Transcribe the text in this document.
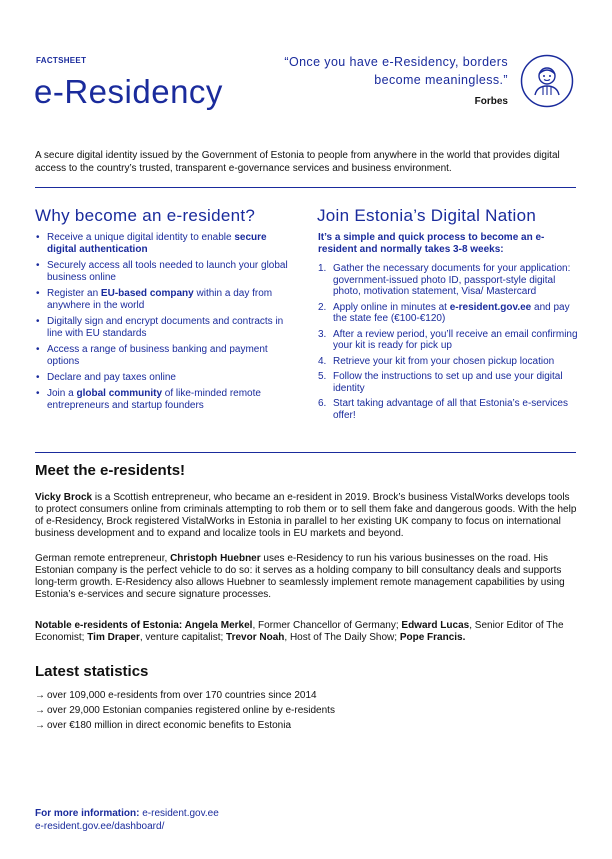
FACTSHEET
e-Residency
“Once you have e-Residency, borders become meaningless.”
Forbes
A secure digital identity issued by the Government of Estonia to people from anywhere in the world that provides digital access to the country’s trusted, transparent e-governance services and business environment.
Why become an e-resident?
• Receive a unique digital identity to enable secure digital authentication
• Securely access all tools needed to launch your global business online
• Register an EU-based company within a day from anywhere in the world
• Digitally sign and encrypt documents and contracts in line with EU standards
• Access a range of business banking and payment options
• Declare and pay taxes online
• Join a global community of like-minded remote entrepreneurs and startup founders
Join Estonia’s Digital Nation
It’s a simple and quick process to become an e-resident and normally takes 3-8 weeks:
1. Gather the necessary documents for your application: government-issued photo ID, passport-style digital photo, motivation statement, Visa/ Mastercard
2. Apply online in minutes at e-resident.gov.ee and pay the state fee (€100-€120)
3. After a review period, you’ll receive an email confirming your kit is ready for pick up
4. Retrieve your kit from your chosen pickup location
5. Follow the instructions to set up and use your digital identity
6. Start taking advantage of all that Estonia’s e-services offer!
Meet the e-residents!
Vicky Brock is a Scottish entrepreneur, who became an e-resident in 2019. Brock’s business VistalWorks develops tools to protect consumers online from criminals attempting to rob them or to sell them fake and dangerous goods. With the help of e-Residency, Brock registered VistalWorks in Estonia in parallel to her existing UK company to focus on international business development and to expand and localize tools in EU markets and beyond.
German remote entrepreneur, Christoph Huebner uses e-Residency to run his various businesses on the road. His Estonian company is the perfect vehicle to do so: it serves as a holding company to bill consultancy deals and supports long-term growth. E-Residency also allows Huebner to seamlessly implement remote management capabilities by using Estonia’s e-services and secure signature processes.
Notable e-residents of Estonia: Angela Merkel, Former Chancellor of Germany; Edward Lucas, Senior Editor of The Economist; Tim Draper, venture capitalist; Trevor Noah, Host of The Daily Show; Pope Francis.
Latest statistics
→ over 109,000 e-residents from over 170 countries since 2014
→ over 29,000 Estonian companies registered online by e-residents
→ over €180 million in direct economic benefits to Estonia
For more information: e-resident.gov.ee
e-resident.gov.ee/dashboard/
